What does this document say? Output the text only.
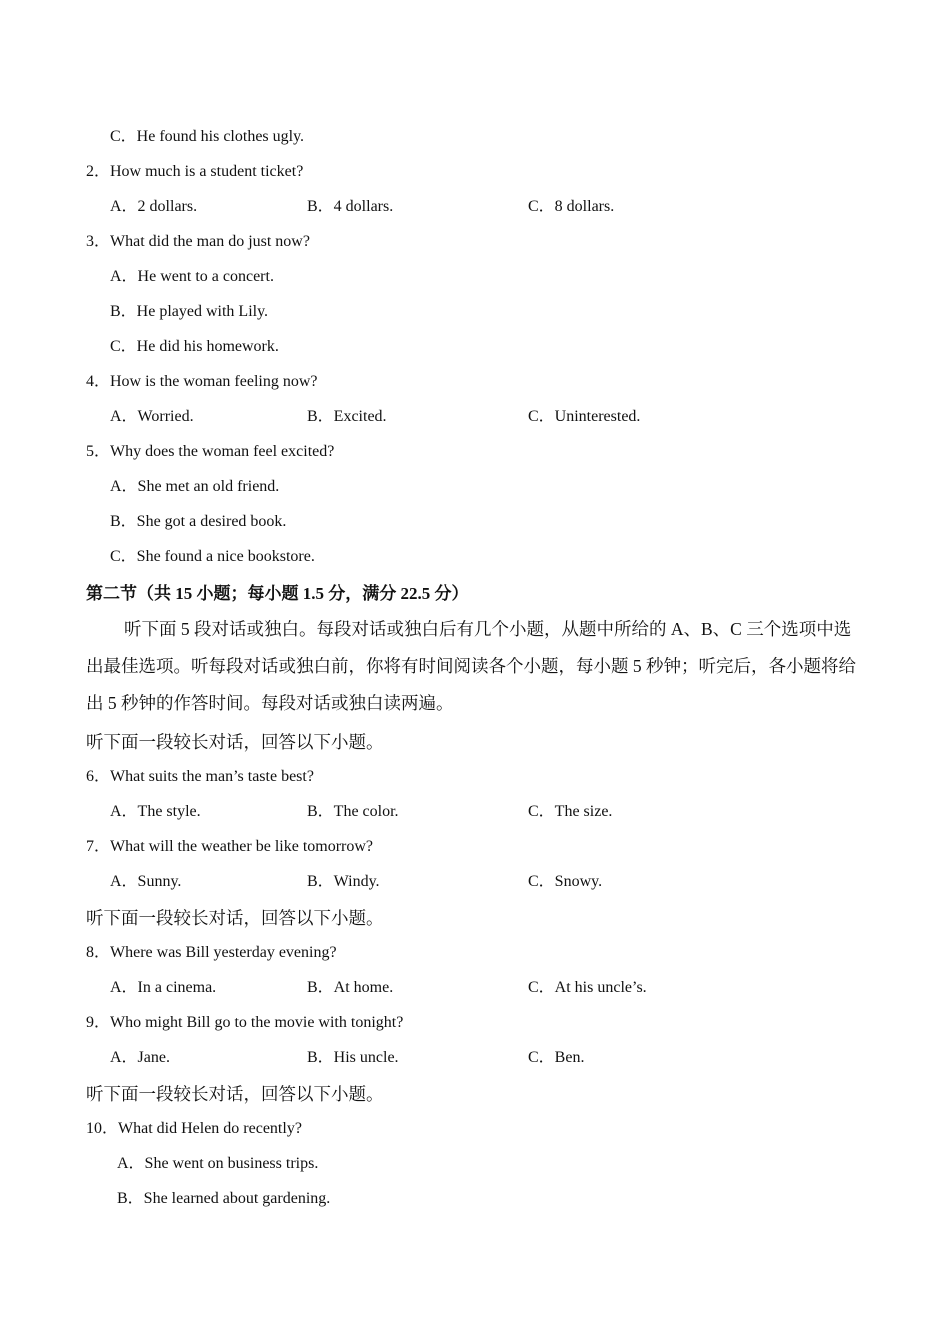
C．He found his clothes ugly.
2．How much is a student ticket?
A．2 dollars.	B．4 dollars.	C．8 dollars.
3．What did the man do just now?
A．He went to a concert.
B．He played with Lily.
C．He did his homework.
4．How is the woman feeling now?
A．Worried.	B．Excited.	C．Uninterested.
5．Why does the woman feel excited?
A．She met an old friend.
B．She got a desired book.
C．She found a nice bookstore.
第二节（共 15 小题；每小题 1.5 分，满分 22.5 分）
听下面 5 段对话或独白。每段对话或独白后有几个小题，从题中所给的 A、B、C 三个选项中选出最佳选项。听每段对话或独白前，你将有时间阅读各个小题，每小题 5 秒钟；听完后，各小题将给出 5 秒钟的作答时间。每段对话或独白读两遍。
听下面一段较长对话，回答以下小题。
6．What suits the man’s taste best?
A．The style.	B．The color.	C．The size.
7．What will the weather be like tomorrow?
A．Sunny.	B．Windy.	C．Snowy.
听下面一段较长对话，回答以下小题。
8．Where was Bill yesterday evening?
A．In a cinema.	B．At home.	C．At his uncle’s.
9．Who might Bill go to the movie with tonight?
A．Jane.	B．His uncle.	C．Ben.
听下面一段较长对话，回答以下小题。
10．What did Helen do recently?
A．She went on business trips.
B．She learned about gardening.
